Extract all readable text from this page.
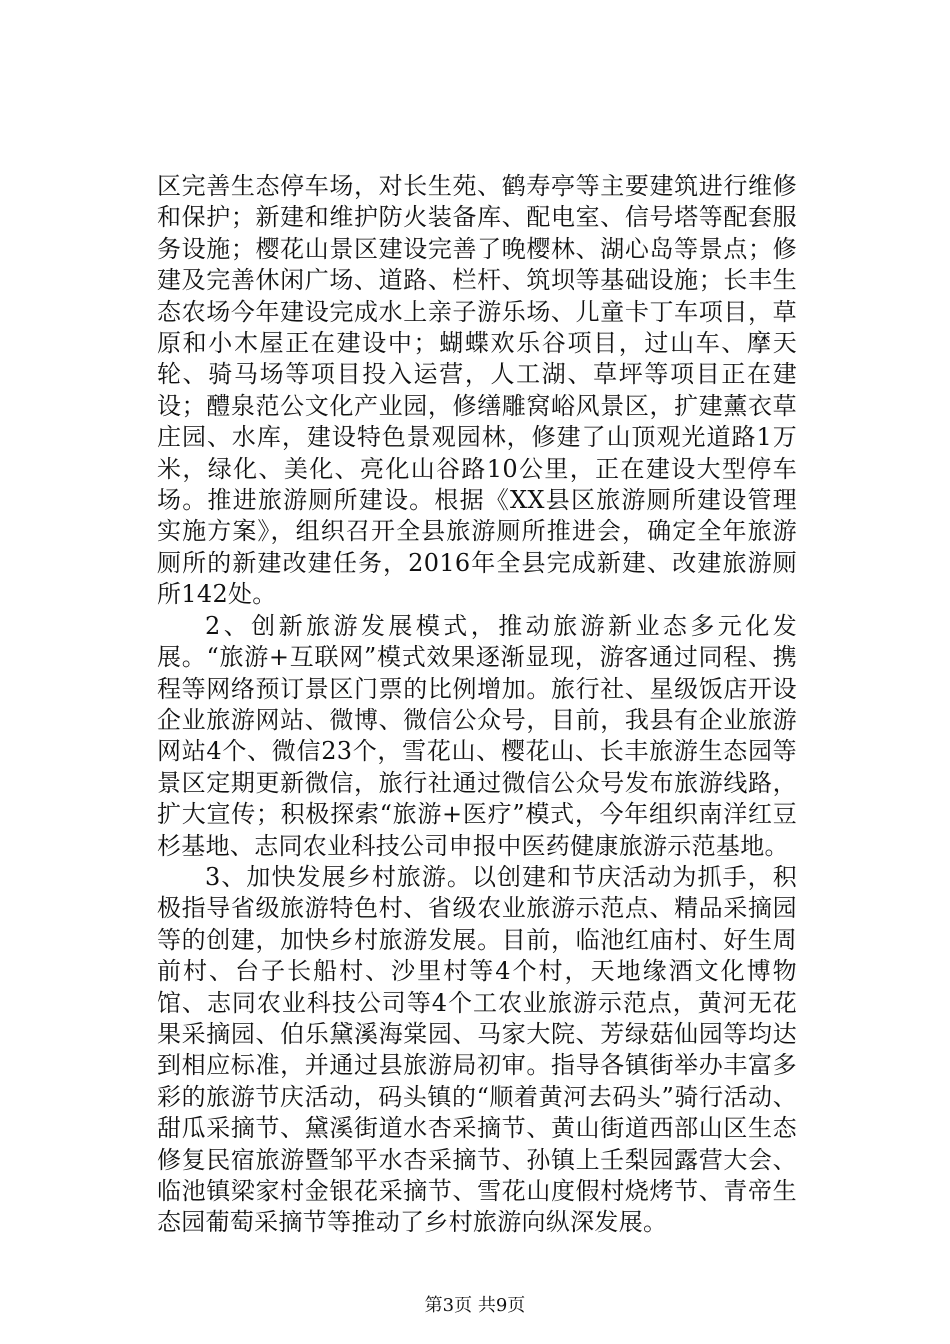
区完善生态停车场，对长生苑、鹤寿亭等主要建筑进行维修和保护；新建和维护防火装备库、配电室、信号塔等配套服务设施；樱花山景区建设完善了晚樱林、湖心岛等景点；修建及完善休闲广场、道路、栏杆、筑坝等基础设施；长丰生态农场今年建设完成水上亲子游乐场、儿童卡丁车项目，草原和小木屋正在建设中；蝴蝶欢乐谷项目，过山车、摩天轮、骑马场等项目投入运营，人工湖、草坪等项目正在建设；醴泉范公文化产业园，修缮雕窝峪风景区，扩建薰衣草庄园、水库，建设特色景观园林，修建了山顶观光道路1万米，绿化、美化、亮化山谷路10公里，正在建设大型停车场。推进旅游厕所建设。根据《XX县区旅游厕所建设管理实施方案》，组织召开全县旅游厕所推进会，确定全年旅游厕所的新建改建任务，2016年全县完成新建、改建旅游厕所142处。

2、创新旅游发展模式，推动旅游新业态多元化发展。“旅游+互联网”模式效果逐渐显现，游客通过同程、携程等网络预订景区门票的比例增加。旅行社、星级饭店开设企业旅游网站、微博、微信公众号，目前，我县有企业旅游网站4个、微信23个，雪花山、樱花山、长丰旅游生态园等景区定期更新微信，旅行社通过微信公众号发布旅游线路，扩大宣传；积极探索“旅游+医疗”模式，今年组织南洋红豆杉基地、志同农业科技公司申报中医药健康旅游示范基地。

3、加快发展乡村旅游。以创建和节庆活动为抓手，积极指导省级旅游特色村、省级农业旅游示范点、精品采摘园等的创建，加快乡村旅游发展。目前，临池红庙村、好生周前村、台子长船村、沙里村等4个村，天地缘酒文化博物馆、志同农业科技公司等4个工农业旅游示范点，黄河无花果采摘园、伯乐黛溪海棠园、马家大院、芳绿菇仙园等均达到相应标准，并通过县旅游局初审。指导各镇街举办丰富多彩的旅游节庆活动，码头镇的“顺着黄河去码头”骑行活动、甜瓜采摘节、黛溪街道水杏采摘节、黄山街道西部山区生态修复民宿旅游暨邹平水杏采摘节、孙镇上壬梨园露营大会、临池镇梁家村金银花采摘节、雪花山度假村烧烤节、青帝生态园葡萄采摘节等推动了乡村旅游向纵深发展。

第3页 共9页
